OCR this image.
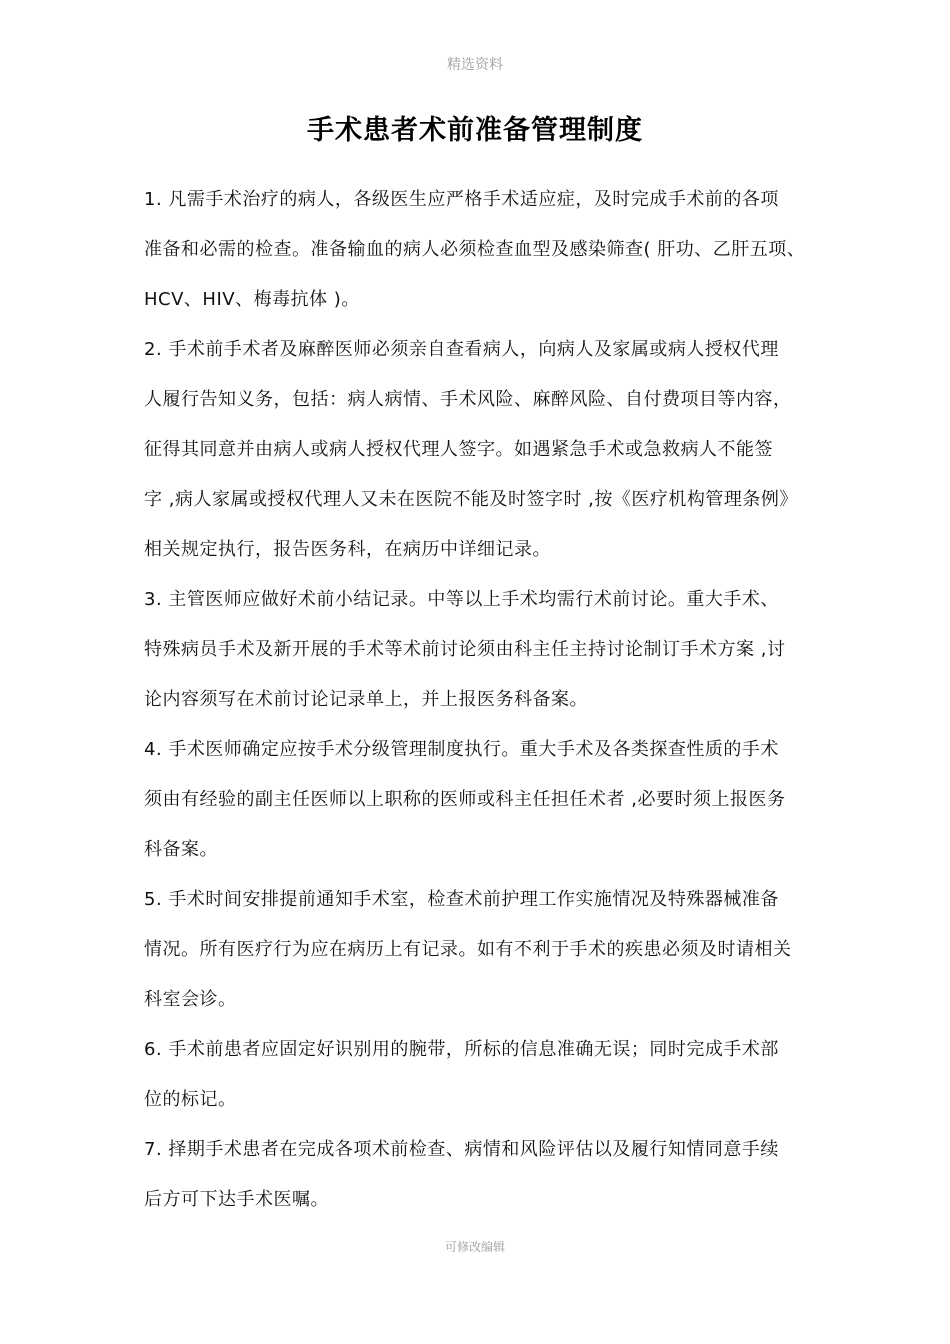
精选资料
手术患者术前准备管理制度
1. 凡需手术治疗的病人，各级医生应严格手术适应症，及时完成手术前的各项
准备和必需的检查。准备输血的病人必须检查血型及感染筛查( 肝功、乙肝五项、
HCV、HIV、梅毒抗体 )。
2. 手术前手术者及麻醉医师必须亲自查看病人，向病人及家属或病人授权代理
人履行告知义务，包括：病人病情、手术风险、麻醉风险、自付费项目等内容，
征得其同意并由病人或病人授权代理人签字。如遇紧急手术或急救病人不能签
字 ,病人家属或授权代理人又未在医院不能及时签字时 ,按《医疗机构管理条例》
相关规定执行，报告医务科，在病历中详细记录。
3. 主管医师应做好术前小结记录。中等以上手术均需行术前讨论。重大手术、
特殊病员手术及新开展的手术等术前讨论须由科主任主持讨论制订手术方案 ,讨
论内容须写在术前讨论记录单上，并上报医务科备案。
4. 手术医师确定应按手术分级管理制度执行。重大手术及各类探查性质的手术
须由有经验的副主任医师以上职称的医师或科主任担任术者 ,必要时须上报医务
科备案。
5. 手术时间安排提前通知手术室，检查术前护理工作实施情况及特殊器械准备
情况。所有医疗行为应在病历上有记录。如有不利于手术的疾患必须及时请相关
科室会诊。
6. 手术前患者应固定好识别用的腕带，所标的信息准确无误；同时完成手术部
位的标记。
7. 择期手术患者在完成各项术前检查、病情和风险评估以及履行知情同意手续
后方可下达手术医嘱。
可修改编辑
